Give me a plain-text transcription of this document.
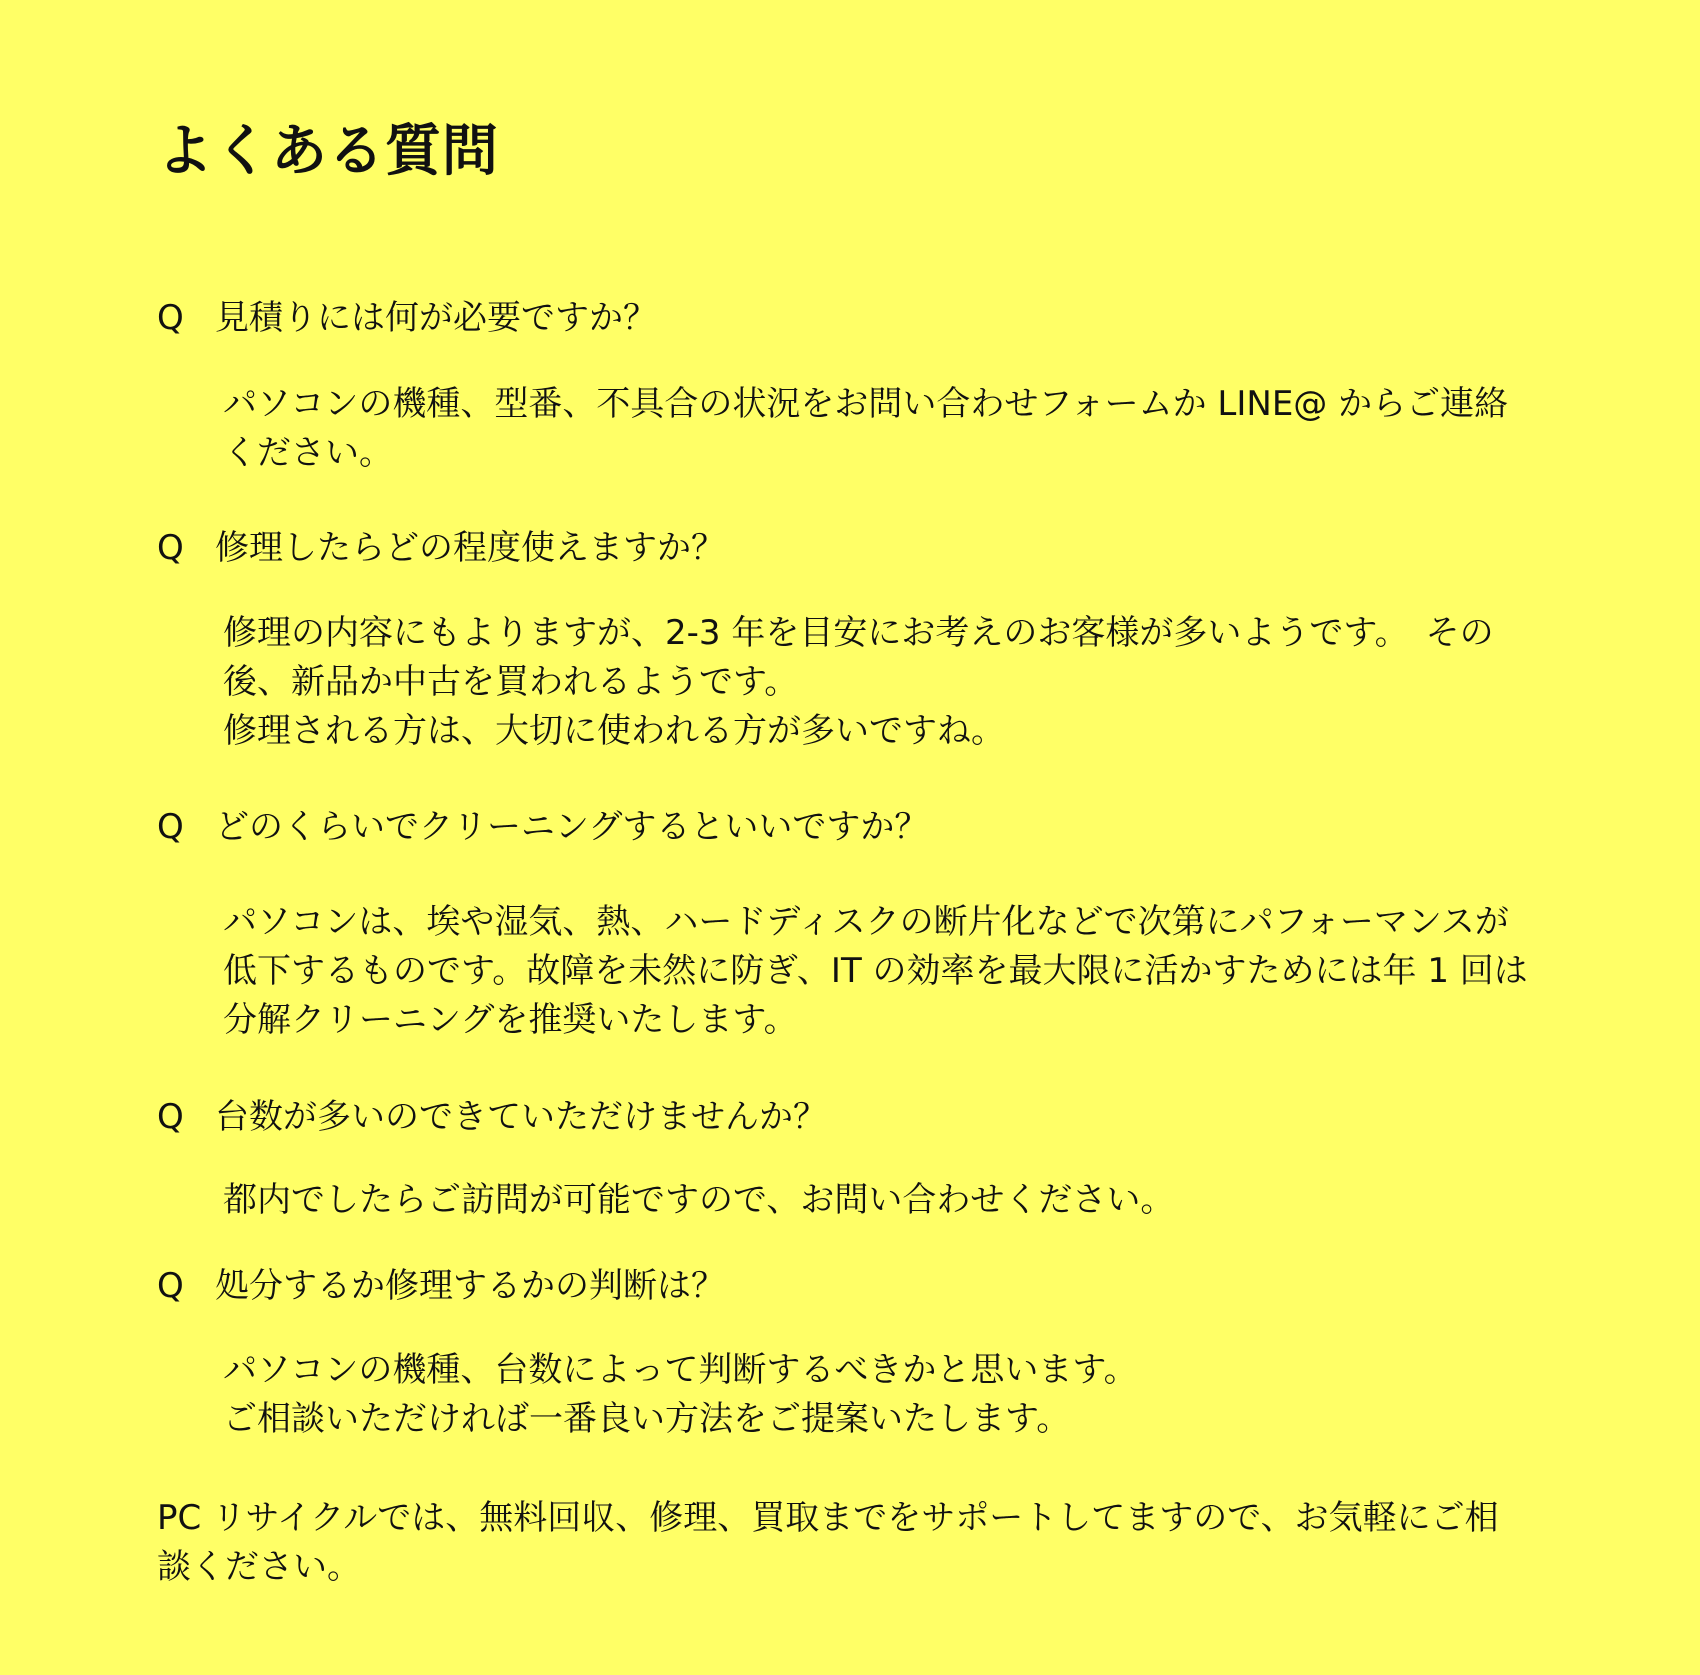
よくある質問
Q 見積りには何が必要ですか？

パソコンの機種、型番、不具合の状況をお問い合わせフォームか LINE@ からご連絡ください。

Q 修理したらどの程度使えますか？

修理の内容にもよりますが、2-3 年を目安にお考えのお客様が多いようです。　その後、新品か中古を買われるようです。

修理される方は、大切に使われる方が多いですね。

Q どのくらいでクリーニングするといいですか？

パソコンは、埃や湿気、熱、ハードディスクの断片化などで次第にパフォーマンスが低下するものです。故障を未然に防ぎ、IT の効率を最大限に活かすためには年 1 回は分解クリーニングを推奨いたします。

Q 台数が多いのできていただけませんか？

都内でしたらご訪問が可能ですので、お問い合わせください。

Q 処分するか修理するかの判断は？

パソコンの機種、台数によって判断するべきかと思います。

ご相談いただければ一番良い方法をご提案いたします。

PC リサイクルでは、無料回収、修理、買取までをサポートしてますので、お気軽にご相談ください。
